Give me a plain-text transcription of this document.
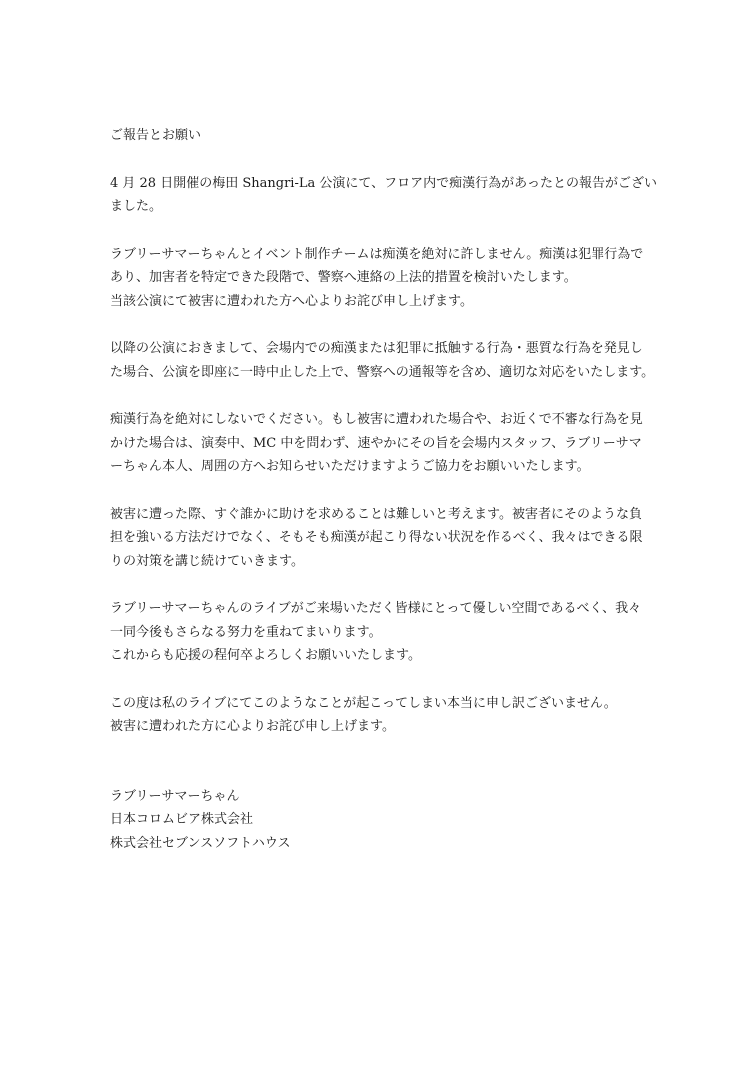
ご報告とお願い

4 月 28 日開催の梅田 Shangri-La 公演にて、フロア内で痴漢行為があったとの報告がござい

ました。

ラブリーサマーちゃんとイベント制作チームは痴漢を絶対に許しません。痴漢は犯罪行為で

あり、加害者を特定できた段階で、警察へ連絡の上法的措置を検討いたします。

当該公演にて被害に遭われた方へ心よりお詫び申し上げます。

以降の公演におきまして、会場内での痴漢または犯罪に抵触する行為・悪質な行為を発見し

た場合、公演を即座に一時中止した上で、警察への通報等を含め、適切な対応をいたします。

痴漢行為を絶対にしないでください。もし被害に遭われた場合や、お近くで不審な行為を見

かけた場合は、演奏中、MC 中を問わず、速やかにその旨を会場内スタッフ、ラブリーサマ

ーちゃん本人、周囲の方へお知らせいただけますようご協力をお願いいたします。

被害に遭った際、すぐ誰かに助けを求めることは難しいと考えます。被害者にそのような負

担を強いる方法だけでなく、そもそも痴漢が起こり得ない状況を作るべく、我々はできる限

りの対策を講じ続けていきます。

ラブリーサマーちゃんのライブがご来場いただく皆様にとって優しい空間であるべく、我々

一同今後もさらなる努力を重ねてまいります。

これからも応援の程何卒よろしくお願いいたします。

この度は私のライブにてこのようなことが起こってしまい本当に申し訳ございません。

被害に遭われた方に心よりお詫び申し上げます。

ラブリーサマーちゃん

日本コロムビア株式会社

株式会社セブンスソフトハウス
